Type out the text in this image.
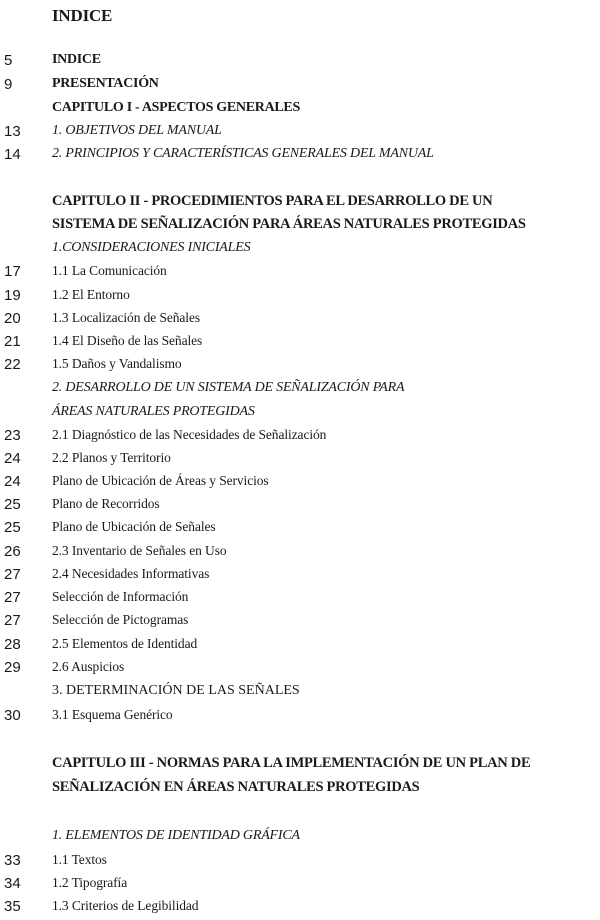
INDICE
5	INDICE
9	PRESENTACIÓN
CAPITULO I - ASPECTOS GENERALES
13 1. OBJETIVOS DEL MANUAL
14 2. PRINCIPIOS Y CARACTERÍSTICAS GENERALES DEL MANUAL
CAPITULO II - PROCEDIMIENTOS PARA EL DESARROLLO DE UN
SISTEMA DE SEÑALIZACIÓN PARA ÁREAS NATURALES PROTEGIDAS
1.CONSIDERACIONES INICIALES
17 1.1 La Comunicación
19 1.2 El Entorno
20 1.3 Localización de Señales
21 1.4 El Diseño de las Señales
22 1.5 Daños y Vandalismo
2. DESARROLLO DE UN SISTEMA DE SEÑALIZACIÓN PARA
ÁREAS NATURALES PROTEGIDAS
23 2.1 Diagnóstico de las Necesidades de Señalización
24 2.2 Planos y Territorio
24 Plano de Ubicación de Áreas y Servicios
25 Plano de Recorridos
25 Plano de Ubicación de Señales
26 2.3 Inventario de Señales en Uso
27 2.4 Necesidades Informativas
27 Selección de Información
27 Selección de Pictogramas
28 2.5 Elementos de Identidad
29 2.6 Auspicios
3. DETERMINACIÓN DE LAS SEÑALES
30 3.1 Esquema Genérico
CAPITULO III - NORMAS PARA LA IMPLEMENTACIÓN DE UN PLAN DE
SEÑALIZACIÓN EN ÁREAS NATURALES PROTEGIDAS
1. ELEMENTOS DE IDENTIDAD GRÁFICA
33 1.1 Textos
34 1.2 Tipografía
35 1.3 Criterios de Legibilidad
